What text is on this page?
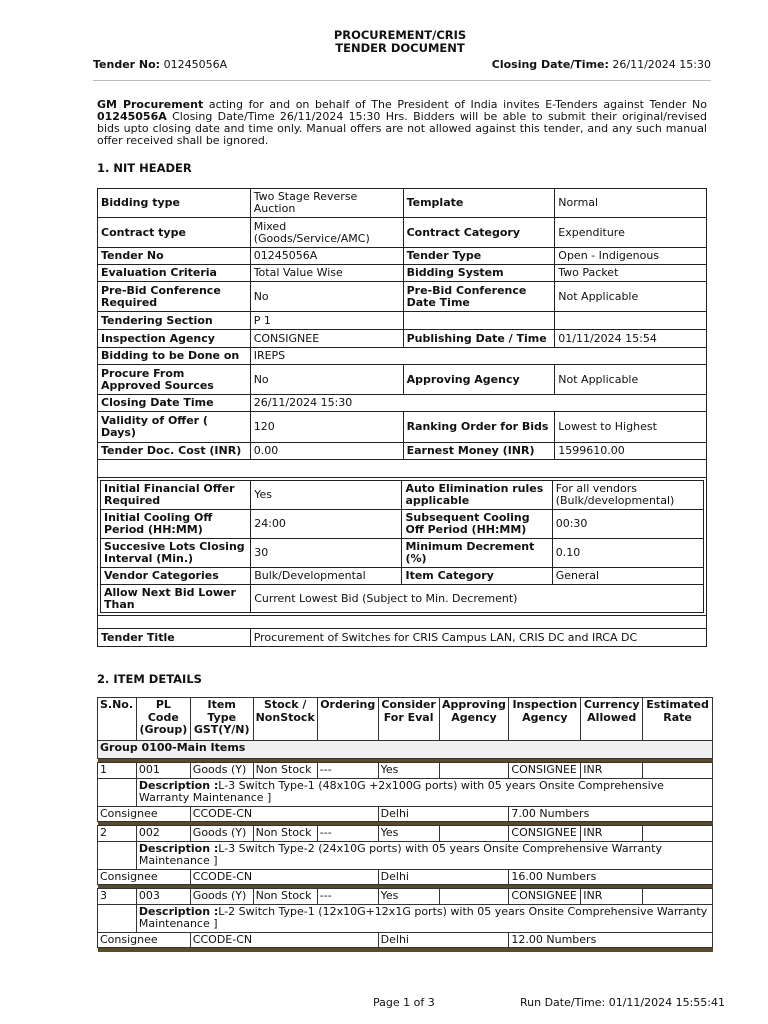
PROCUREMENT/CRIS
TENDER DOCUMENT
Tender No: 01245056A	Closing Date/Time: 26/11/2024 15:30
GM Procurement acting for and on behalf of The President of India invites E-Tenders against Tender No 01245056A Closing Date/Time 26/11/2024 15:30 Hrs. Bidders will be able to submit their original/revised bids upto closing date and time only. Manual offers are not allowed against this tender, and any such manual offer received shall be ignored.
1. NIT HEADER
Bidding type	Two Stage Reverse Auction	Template	Normal
Contract type	Mixed (Goods/Service/AMC)	Contract Category	Expenditure
Tender No	01245056A	Tender Type	Open - Indigenous
Evaluation Criteria	Total Value Wise	Bidding System	Two Packet
Pre-Bid Conference Required	No	Pre-Bid Conference Date Time	Not Applicable
Tendering Section	P 1		
Inspection Agency	CONSIGNEE	Publishing Date / Time	01/11/2024 15:54
Bidding to be Done on	IREPS
Procure From Approved Sources	No	Approving Agency	Not Applicable
Closing Date Time	26/11/2024 15:30
Validity of Offer ( Days)	120	Ranking Order for Bids	Lowest to Highest
Tender Doc. Cost (INR)	0.00	Earnest Money (INR)	1599610.00

Initial Financial Offer Required	Yes	Auto Elimination rules applicable	For all vendors (Bulk/developmental)
Initial Cooling Off Period (HH:MM)	24:00	Subsequent Cooling Off Period (HH:MM)	00:30
Succesive Lots Closing Interval (Min.)	30	Minimum Decrement (%)	0.10
Vendor Categories	Bulk/Developmental	Item Category	General
Allow Next Bid Lower Than	Current Lowest Bid (Subject to Min. Decrement)

Tender Title	Procurement of Switches for CRIS Campus LAN, CRIS DC and IRCA DC
2. ITEM DETAILS
S.No.	PL Code (Group)	Item Type GST(Y/N)	Stock / NonStock	Ordering	Consider For Eval	Approving Agency	Inspection Agency	Currency Allowed	Estimated Rate
Group 0100-Main Items									

1	001	Goods (Y)	Non Stock	---	Yes		CONSIGNEE	INR	
	Description :L-3 Switch Type-1 (48x10G +2x100G ports) with 05 years Onsite Comprehensive Warranty Maintenance ]								
Consignee		CCODE-CN			Delhi		7.00 Numbers		

2	002	Goods (Y)	Non Stock	---	Yes		CONSIGNEE	INR	
	Description :L-3 Switch Type-2 (24x10G ports) with 05 years Onsite Comprehensive Warranty Maintenance ]								
Consignee		CCODE-CN			Delhi		16.00 Numbers		

3	003	Goods (Y)	Non Stock	---	Yes		CONSIGNEE	INR	
	Description :L-2 Switch Type-1 (12x10G+12x1G ports) with 05 years Onsite Comprehensive Warranty Maintenance ]								
Consignee		CCODE-CN			Delhi		12.00 Numbers		

Page 1 of 3	Run Date/Time: 01/11/2024 15:55:41
